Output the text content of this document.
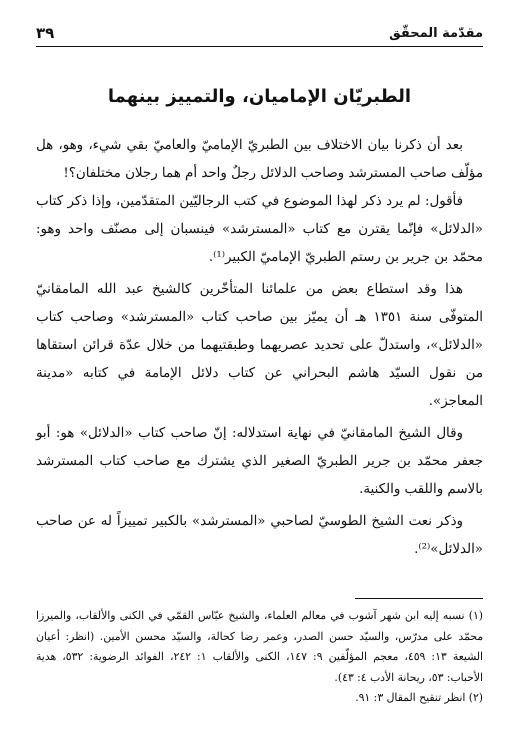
مقدّمة المحقّق
٣٩
الطبريّان الإماميان، والتمييز بينهما

بعد أن ذكرنا بيان الاختلاف بين الطبريّ الإماميّ والعاميّ بقي شيء، وهو، هل مؤلّف صاحب المسترشد وصاحب الدلائل رجلٌ واحد أم هما رجلان مختلفان؟!

فأقول: لم يرد ذكر لهذا الموضوع في كتب الرجاليّين المتقدّمين، وإذا ذكر كتاب «الدلائل» فإنّما يقترن مع كتاب «المسترشد» فينسبان إلى مصنّف واحد وهو: محمّد بن جرير بن رستم الطبريّ الإماميّ الكبير⁽¹⁾.

هذا وقد استطاع بعض من علمائنا المتأخّرين كالشيخ عبد الله المامقانيّ المتوفّى سنة ١٣٥١ هـ أن يميّز بين صاحب كتاب «المسترشد» وصاحب كتاب «الدلائل»، واستدلّ على تحديد عصريهما وطبقتيهما من خلال عدّة قرائن استقاها من نقول السيّد هاشم البحراني عن كتاب دلائل الإمامة في كتابه «مدينة المعاجز».

وقال الشيخ المامقانيّ في نهاية استدلاله: إنّ صاحب كتاب «الدلائل» هو: أبو جعفر محمّد بن جرير الطبريّ الصغير الذي يشترك مع صاحب كتاب المسترشد بالاسم واللقب والكنية.

وذكر نعت الشيخ الطوسيّ لصاحبي «المسترشد» بالكبير تمييزاً له عن صاحب «الدلائل»⁽²⁾.

(١) نسبه إليه ابن شهر آشوب في معالم العلماء، والشيخ عبّاس القمّي في الكنى والألقاب، والميرزا محمّد على مدرّس، والسيّد حسن الصدر، وعمر رضا كحالة، والسيّد محسن الأمين. (انظر: أعيان الشيعة ١٣: ٤٥٩، معجم المؤلّفين ٩: ١٤٧، الكنى والألقاب ١: ٢٤٢، الفوائد الرضوية: ٥٣٢، هدية الأحباب: ٥٣، ريحانة الأدب ٤: ٤٣).

(٢) انظر تنقيح المقال ٣: ٩١.
